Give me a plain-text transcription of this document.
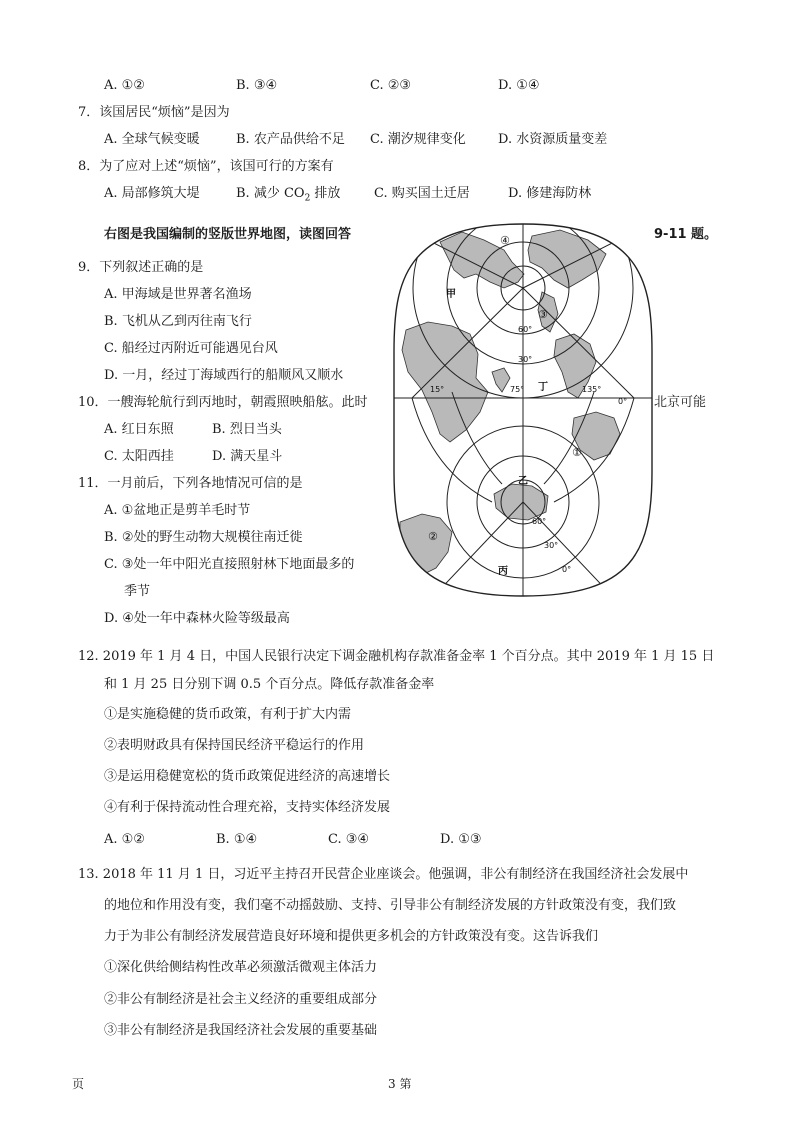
A. ①②	B. ③④	C. ②③	D. ①④
7．该国居民“烦恼”是因为
A. 全球气候变暖	B. 农产品供给不足 C. 潮汐规律变化 D. 水资源质量变差
8．为了应对上述“烦恼”，该国可行的方案有
A. 局部修筑大堤	B. 减少 $CO_2$ 排放	C. 购买国土迁居	D. 修建海防林
右图是我国编制的竖版世界地图，读图回答	9-11 题。
9．下列叙述正确的是
A. 甲海域是世界著名渔场
B. 飞机从乙到丙往南飞行
C. 船经过丙附近可能遇见台风
D. 一月，经过丁海域西行的船顺风又顺水
10．一艘海轮航行到丙地时，朝霞照映船舷。此时	北京可能
A. 红日东照	B. 烈日当头
C. 太阳西挂	D. 满天星斗
11．一月前后，下列各地情况可信的是
A. ①盆地正是剪羊毛时节
B. ②处的野生动物大规模往南迁徙
C. ③处一年中阳光直接照射林下地面最多的
季节
D. ④处一年中森林火险等级最高
12. 2019 年 1 月 4 日，中国人民银行决定下调金融机构存款准备金率 1 个百分点。其中 2019 年 1 月 15 日
和 1 月 25 日分别下调 0.5 个百分点。降低存款准备金率
①是实施稳健的货币政策，有利于扩大内需
②表明财政具有保持国民经济平稳运行的作用
③是运用稳健宽松的货币政策促进经济的高速增长
④有利于保持流动性合理充裕，支持实体经济发展
A. ①②	B. ①④	C. ③④	D. ①③
13. 2018 年 11 月 1 日，习近平主持召开民营企业座谈会。他强调，非公有制经济在我国经济社会发展中
的地位和作用没有变，我们毫不动摇鼓励、支持、引导非公有制经济发展的方针政策没有变，我们致
力于为非公有制经济发展营造良好环境和提供更多机会的方针政策没有变。这告诉我们
①深化供给侧结构性改革必须激活微观主体活力
②非公有制经济是社会主义经济的重要组成部分
③非公有制经济是我国经济社会发展的重要基础
页	3 第
甲
乙
丙
丁
①
②
③
④
60°
30°
60°
30°
0°
15°	75°	135°
0°
